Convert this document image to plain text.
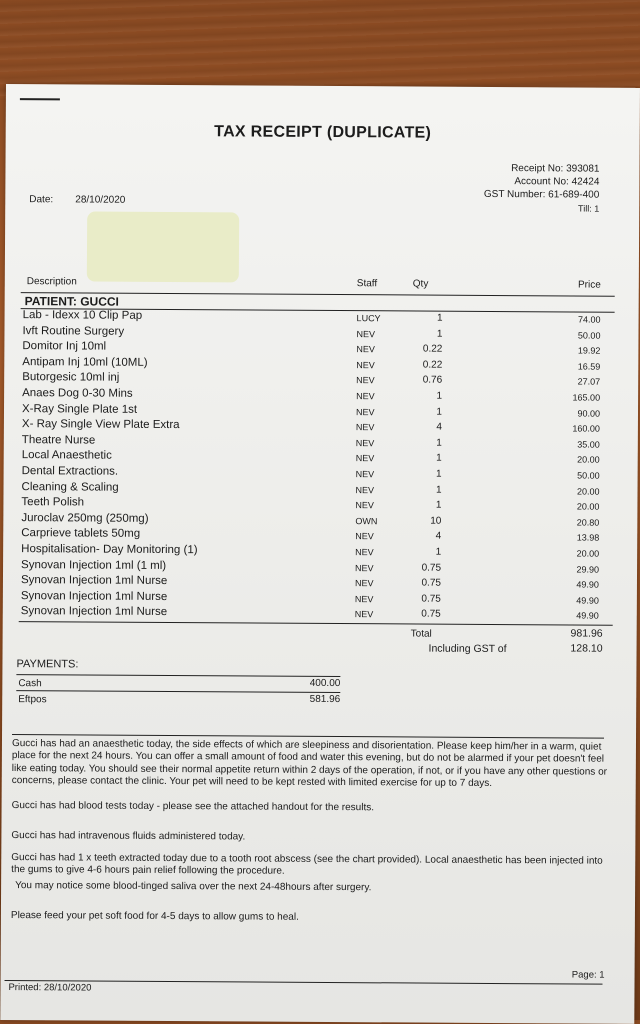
TAX RECEIPT (DUPLICATE)
Receipt No: 393081
Account No: 42424
GST Number: 61-689-400
Till: 1
Date: 28/10/2020
Description	Staff	Qty	Price
PATIENT: GUCCI
Lab - Idexx 10 Clip Pap	LUCY	1	74.00
Ivft Routine Surgery	NEV	1	50.00
Domitor Inj 10ml	NEV	0.22	19.92
Antipam Inj 10ml (10ML)	NEV	0.22	16.59
Butorgesic 10ml inj	NEV	0.76	27.07
Anaes Dog 0-30 Mins	NEV	1	165.00
X-Ray Single Plate 1st	NEV	1	90.00
X- Ray Single View Plate Extra	NEV	4	160.00
Theatre Nurse	NEV	1	35.00
Local Anaesthetic	NEV	1	20.00
Dental Extractions.	NEV	1	50.00
Cleaning & Scaling	NEV	1	20.00
Teeth Polish	NEV	1	20.00
Juroclav 250mg (250mg)	OWN	10	20.80
Carprieve tablets 50mg	NEV	4	13.98
Hospitalisation- Day Monitoring (1)	NEV	1	20.00
Synovan Injection 1ml (1 ml)	NEV	0.75	29.90
Synovan Injection 1ml Nurse	NEV	0.75	49.90
Synovan Injection 1ml Nurse	NEV	0.75	49.90
Synovan Injection 1ml Nurse	NEV	0.75	49.90
Total	981.96
Including GST of	128.10
PAYMENTS:
Cash	400.00
Eftpos	581.96
Gucci has had an anaesthetic today, the side effects of which are sleepiness and disorientation. Please keep him/her in a warm, quiet place for the next 24 hours. You can offer a small amount of food and water this evening, but do not be alarmed if your pet doesn't feel like eating today. You should see their normal appetite return within 2 days of the operation, if not, or if you have any other questions or concerns, please contact the clinic. Your pet will need to be kept rested with limited exercise for up to 7 days.
Gucci has had blood tests today - please see the attached handout for the results.
Gucci has had intravenous fluids administered today.
Gucci has had 1 x teeth extracted today due to a tooth root abscess (see the chart provided). Local anaesthetic has been injected into the gums to give 4-6 hours pain relief following the procedure.
You may notice some blood-tinged saliva over the next 24-48hours after surgery.
Please feed your pet soft food for 4-5 days to allow gums to heal.
Printed: 28/10/2020
Page: 1
